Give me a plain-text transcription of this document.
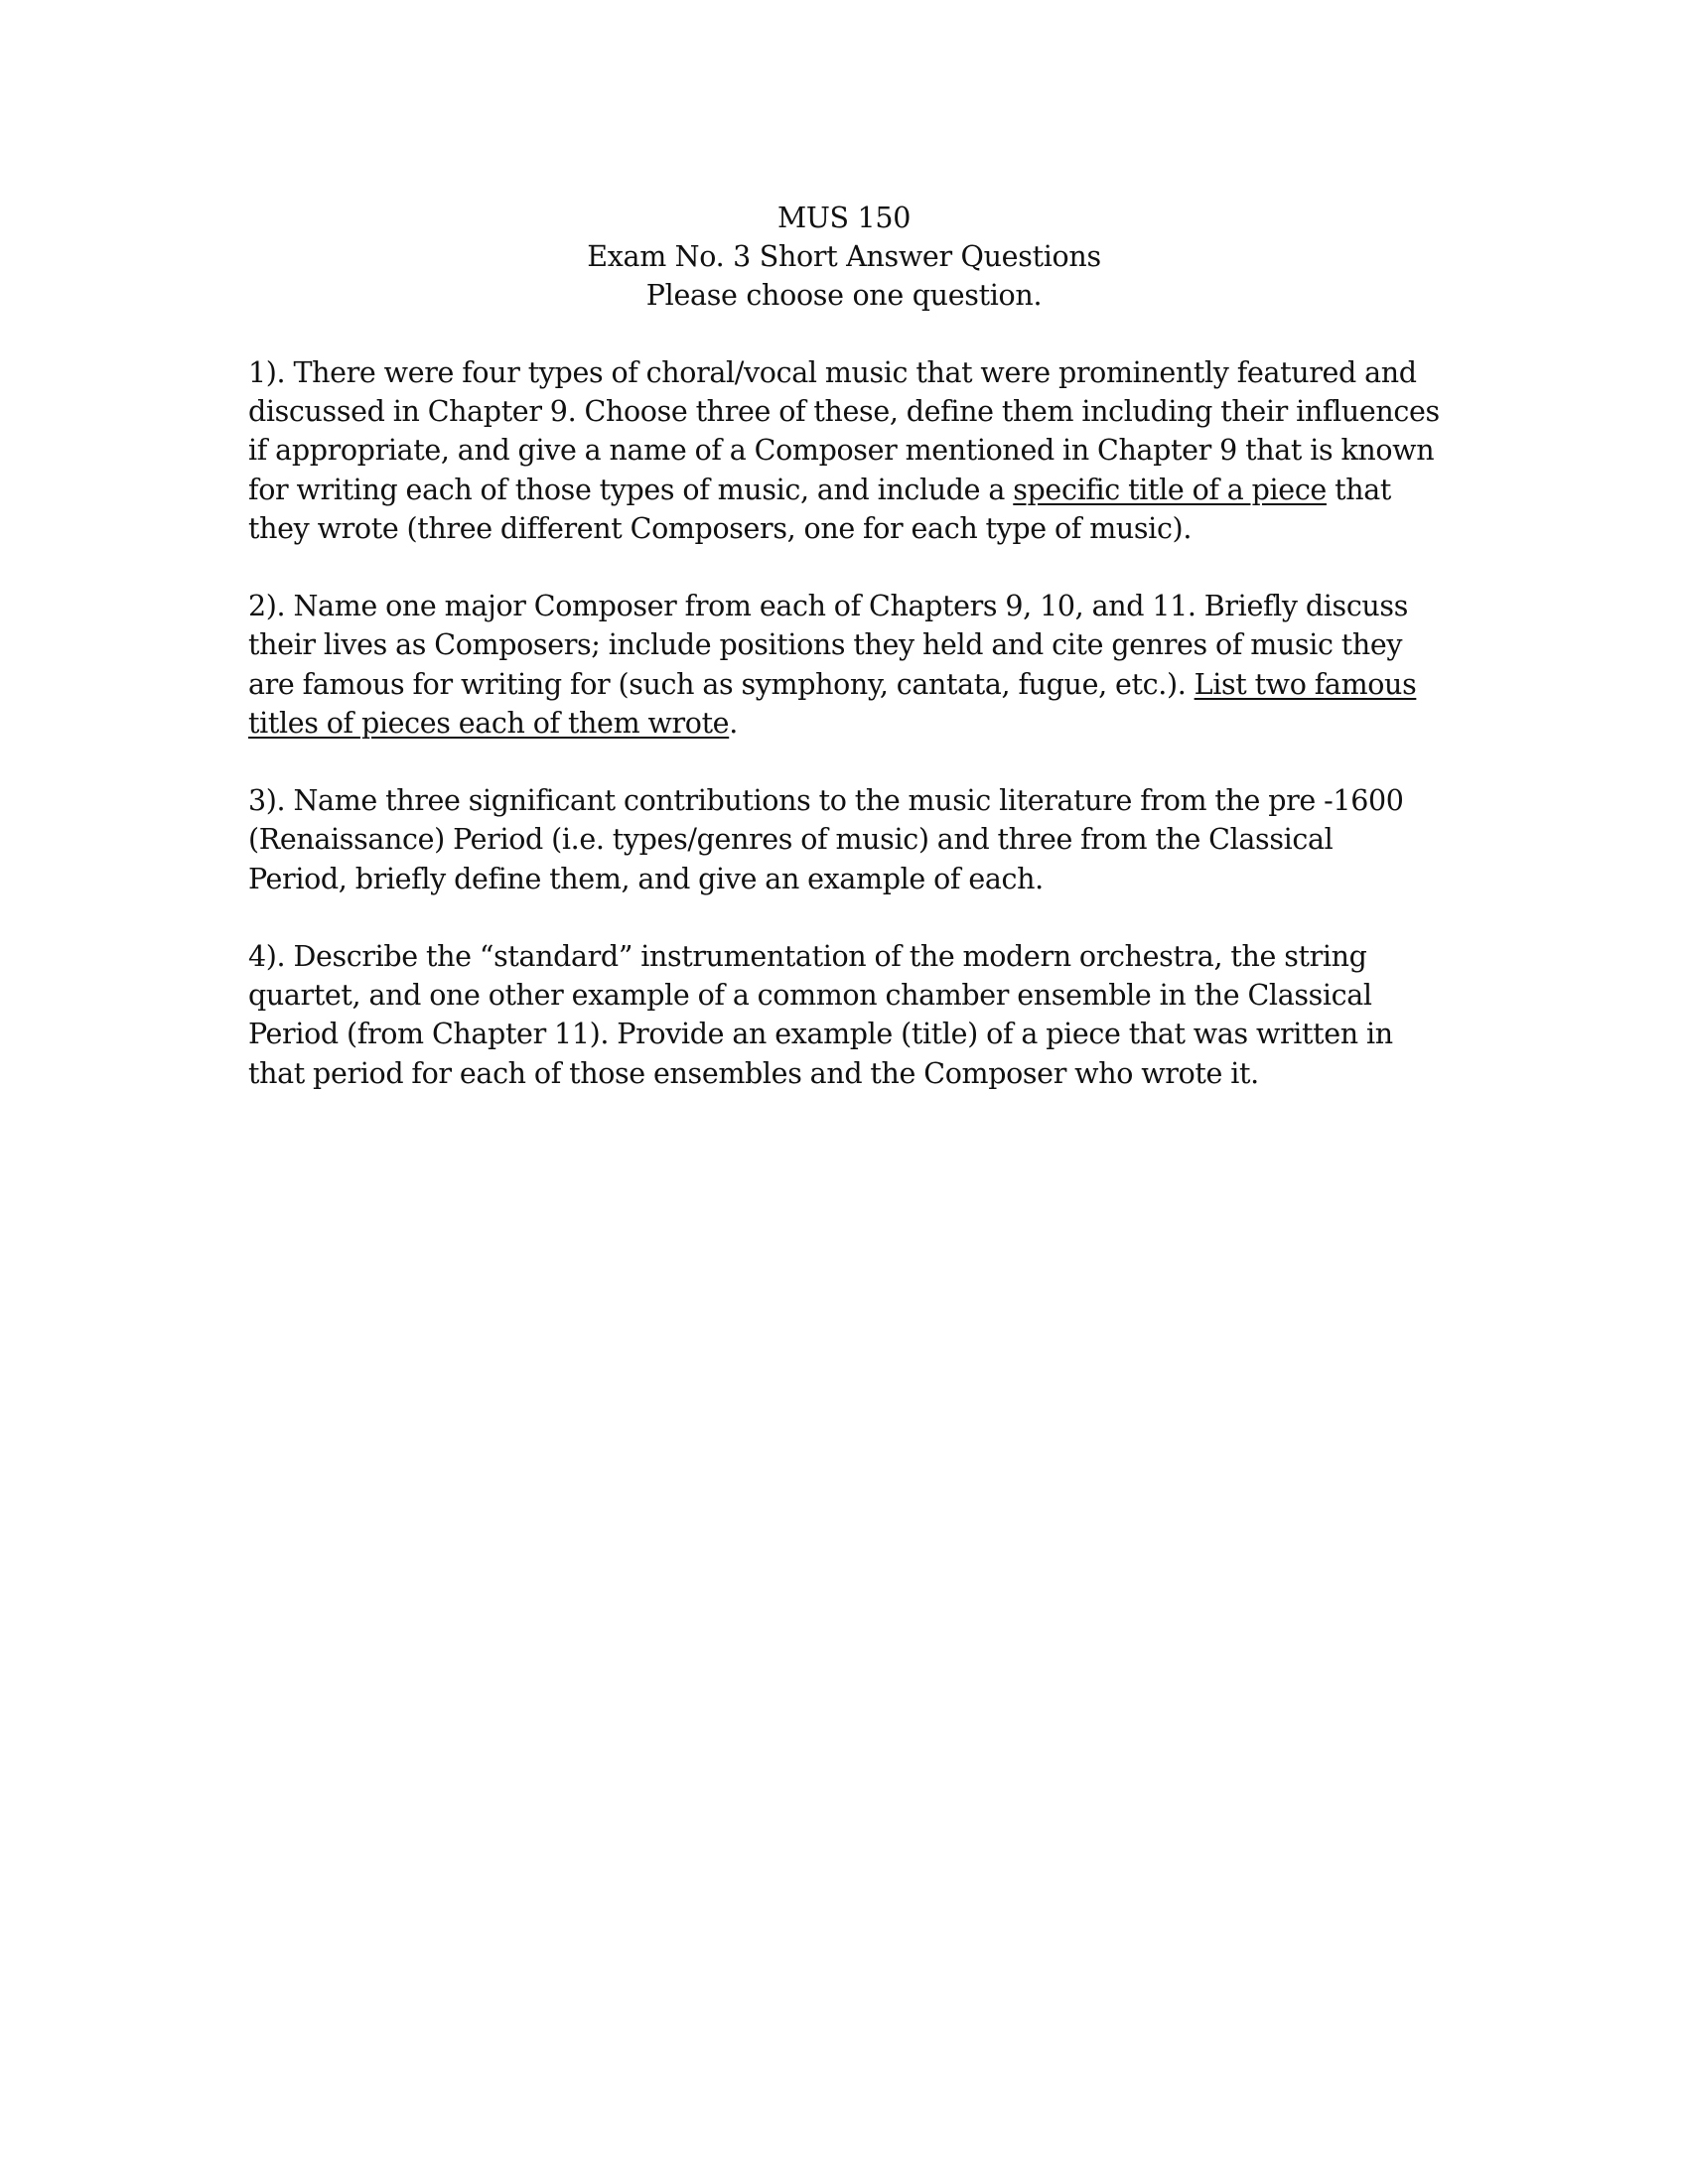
MUS 150
Exam No. 3 Short Answer Questions
Please choose one question.
1). There were four types of choral/vocal music that were prominently featured and
discussed in Chapter 9. Choose three of these, define them including their influences
if appropriate, and give a name of a Composer mentioned in Chapter 9 that is known
for writing each of those types of music, and include a specific title of a piece that
they wrote (three different Composers, one for each type of music).
2). Name one major Composer from each of Chapters 9, 10, and 11. Briefly discuss
their lives as Composers; include positions they held and cite genres of music they
are famous for writing for (such as symphony, cantata, fugue, etc.). List two famous
titles of pieces each of them wrote.
3). Name three significant contributions to the music literature from the pre -1600
(Renaissance) Period (i.e. types/genres of music) and three from the Classical
Period, briefly define them, and give an example of each.
4). Describe the “standard” instrumentation of the modern orchestra, the string
quartet, and one other example of a common chamber ensemble in the Classical
Period (from Chapter 11). Provide an example (title) of a piece that was written in
that period for each of those ensembles and the Composer who wrote it.
